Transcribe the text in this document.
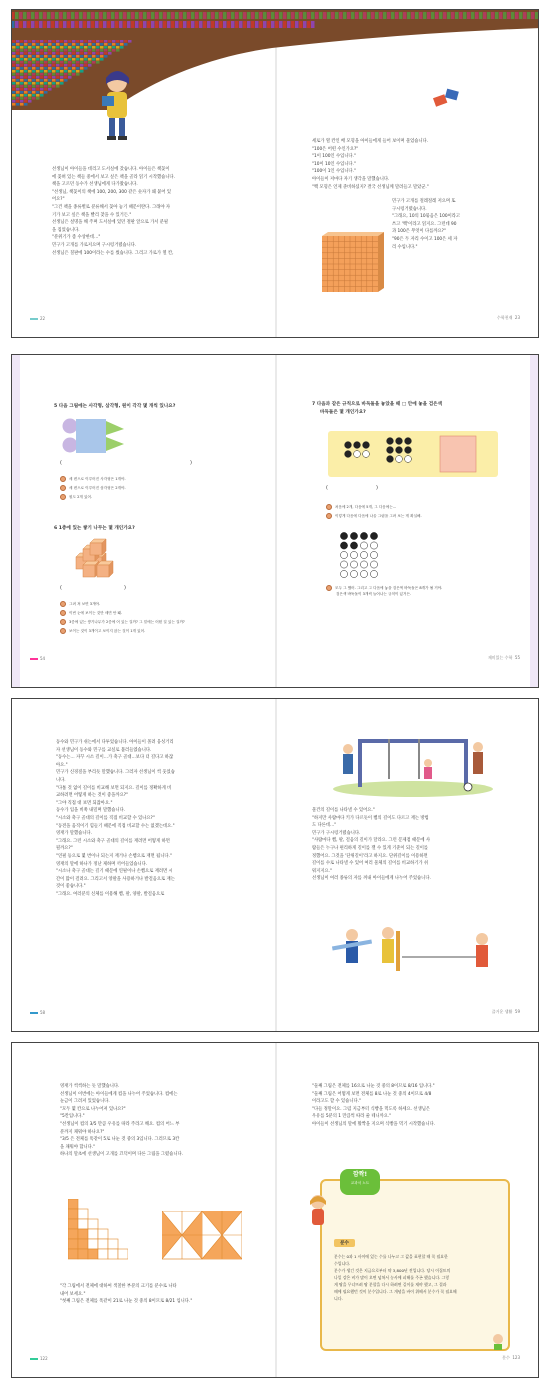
선생님이 아이들을 데리고 도서실에 갔습니다. 아이들은 책꽂이
에 꽂혀 있는 책들 중에서 보고 싶은 책을 골라 읽기 시작했습니다.
책을 고르던 동수가 선생님에게 다가왔습니다.
"선생님, 책꽂이의 책에 100, 200, 300 같은 숫자가 왜 붙어 있
어요?"
"그건 책을 종류별로 분류해서 꽂아 놓기 때문이란다. 그래야 자
기가 보고 싶은 책을 빨리 찾을 수 있거든."
선생님은 설명을 해 주며 도서실에 있던 철판 앞으로 가서 분필
을 집었습니다.
"분위기가 좀 수상한데…"
민구가 고개를 가로저으며 구시렁거렸습니다.
선생님은 칠판에 100이라는 수를 썼습니다. 그리고 가로가 열 칸,
세로가 열 칸인 배 모형을 아이들에게 들어 보이며 물었습니다.
"100은 어떤 수인가요?"
"1이 100인 수입니다."
"10이 10인 수입니다."
"100이 1인 수입니다."
아이들이 저마다 자기 생각을 말했습니다.
"백 모형은 언제 준비하셨지? 결국 선생님께 말려들고 말았군."
민구가 고개를 절레절레 저으며 또
구시렁거렸습니다.
"그래요, 10의 10묶음은 100이라고
쓰고 '백'이라고 읽지요. 그런데 90
과 100은 무엇이 다를까요?"
"90은 두 자리 수이고 100은 세 자
리 수입니다."
22	수학천재 23
5 다음 그림에는 사각형, 삼각형, 원이 각각 몇 개씩 있나요?
(	)
세 변으로 이루어진 사각형은 1개야.
세 변으로 이루어진 삼각형은 2개야.
원도 2개 있어.
6 1층에 있는 쌓기 나무는 몇 개인가요?
(	)
그려 져 보면 3개야.
이번 눈에 보이는 것만 세면 안 돼.
3층에 있는 쌓기나무가 2층에 어 있는 걸까? 그 밑에는 어떤 걸 있는 걸까?
보이는 것이 3개이고 보이지 않는 것이 1개 있어.
7 다음과 같은 규칙으로 바둑돌을 놓았을 때 □ 안에 놓을 검은색
바둑돌은 몇 개인가요?
(	)
처음에 2개, 다음에 5개, 그 다음에는…
이렇게 다음에 다음에 나올 그림을 그려 보는 게 확실해.
모두 그 했어. 그리고 그 다음에 놓을 검은색 바둑돌은 8개가 될 거야.
검은색 바둑돌이 3개씩 늘어나는 규칙이 있거든.
54	재미있는 수학 55
동수와 민구가 쉬는에서 다투었습니다. 아이들이 몰려 웅성거리
자 선생님이 동수와 민구를 교실로 불러들였습니다.
"동수는… 자꾸 시소 길이…가 축구 골대…보다 더 길다고 하잖
아요."
민구가 신경질을 부리듯 말했습니다. 그러자 선생님이 씩 웃었습
니다.
"다툼 것 없이 길이를 비교해 보면 되지요. 길이를 정확하게 비
교하려면 어떻게 하는 것이 좋을까요?"
"그야 직접 대 보면 되잖아요."
동수가 입을 비쭉 내밀며 말했습니다.
"시소와 축구 골대의 길이를 직접 비교할 수 있나요?"
"동전을 움직이기 힘들기 때문에 직접 비교할 수는 없겠는데요."
영재가 말했습니다.
"그래요. 그런 시소와 축구 골대의 길이를 재려면 어떻게 하면
될까요?"
"연필 등으로 몇 번이나 되는지 재거나 손뼘으로 재면 됩니다."
영재의 말에 하나가 정난 제하며 끼어들었습니다.
"시소나 축구 골대는 길기 때문에 연필이나 손뼘으로 재려면 시
간이 많이 걸려요. 그리고서 앙팔을 사용하거나 발걸음으로 재는
것이 좋습니다."
"그래요. 여러분의 신체를 이용해 뼘, 팔, 양팔, 발걸음으로
물건의 길이를 나타낼 수 있어요."
"하지만 사람마다 키가 다르듯이 뼘의 길이도 다르고 재는 방법
도 다른데…"
민구가 구시렁거렸습니다.
"사람마다 뼘, 팔, 걸음의 길이가 달라요. 그런 문제점 때문에 사
람들은 누구나 편리하게 길이를 잴 수 있게 기준이 되는 길이를
정했어요. 그것을 '단위길이'라고 하지요. 단위길이를 이용하면
길이를 수로 나타낼 수 있어 여러 물체의 길이를 비교하기가 쉬
워지지요."
선생님이 여러 종류의 자를 꺼내 아이들에게 나누어 주었습니다.
58	즐거운 생활 59
영재가 씩씩하는 듯 말했습니다.
선생님이 이번에는 아이들에게 컵을 나누어 주었습니다. 컵에는
눈금이 그려져 있었습니다.
"모두 몇 칸으로 나누어져 있나요?"
"5칸입니다."
"선생님이 컵의 3/5 만큼 우유를 따라 주라고 해요. 컵의 어느 부
분까지 채워야 하나요?"
"3/5 은 전체를 똑같이 5로 나눈 것 중의 3입니다. 그러므로 3칸
을 채워야 합니다."
하나의 말초에 선생님이 고개를 끄덕이며 다른 그림을 그렸습니다.
"각 그림에서 전체에 대하여 색칠한 부분의 크기를 분수로 나타
내어 보세요."
"첫째 그림은 전체를 똑같이 21로 나눈 것 중의 8이므로 8/21 입니다."
"둘째 그림은 전체를 16으로 나눈 것 중의 8이므로 8/16 입니다."
"둘째 그림은 어떻게 보면 전체를 8로 나눈 것 중의 4이므로 4/8
이라고도 할 수 있습니다."
"다들 정말이요. 그럼 지금부터 식빵을 먹도록 하세요. 선생님은
우유를 5분의 1 만큼씩 따라 줄 테니까요."
아이들이 선생님의 말에 활짝을 지으며 식빵을 먹기 시작했습니다.
깜짝!
교과서 노트
분수
분수는 0과 1 사이에 있는 수를 나누고 그 값을 표현할 때 꼭 필요한
수입니다.
분수가 생긴 것은 지금으로부터 약 3,800년 전입니다. 당시 이집트의
나일 강은 비가 많이 오면 넘쳐서 농사에 피해를 주곤 했습니다. 그렇
게 땅을 무너뜨려 땅 분할을 다시 하려면 길이를 재야 했고, 그 결과
때에 필요했던 것이 분수입니다. 그 개념을 바이 위해서 분수가 꼭 필요해
니다.
122	분수 123
